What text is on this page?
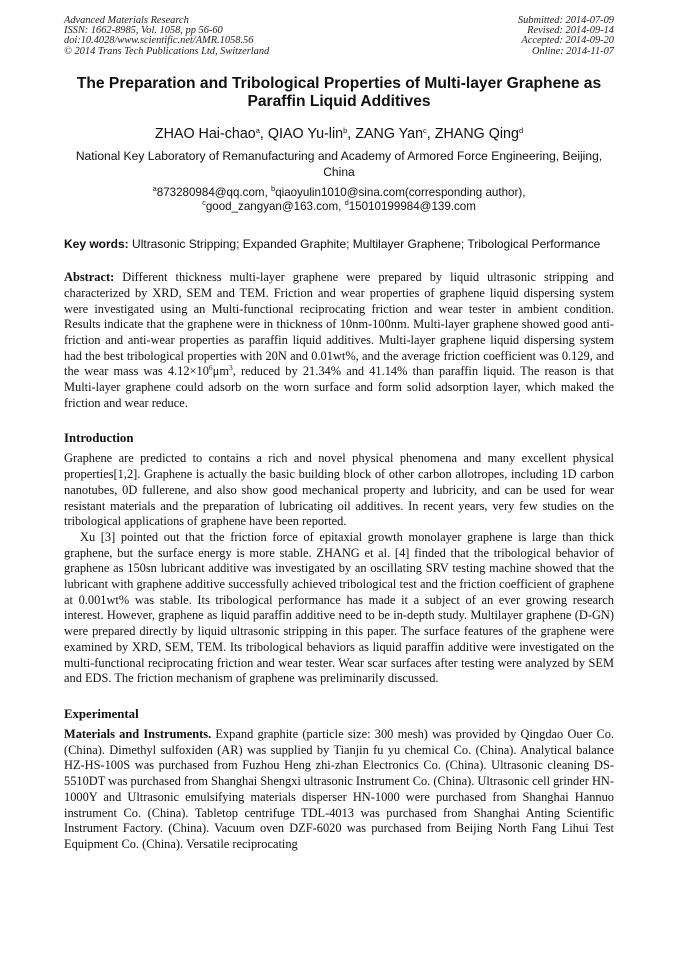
Advanced Materials Research
ISSN: 1662-8985, Vol. 1058, pp 56-60
doi:10.4028/www.scientific.net/AMR.1058.56
© 2014 Trans Tech Publications Ltd, Switzerland
Submitted: 2014-07-09
Revised: 2014-09-14
Accepted: 2014-09-20
Online: 2014-11-07
The Preparation and Tribological Properties of Multi-layer Graphene as Paraffin Liquid Additives
ZHAO Hai-chao$^a$, QIAO Yu-lin$^b$, ZANG Yan$^c$, ZHANG Qing$^d$
National Key Laboratory of Remanufacturing and Academy of Armored Force Engineering, Beijing, China
$^a$873280984@qq.com, $^b$qiaoyulin1010@sina.com(corresponding author),
$^c$good_zangyan@163.com, $^d$15010199984@139.com
Key words: Ultrasonic Stripping; Expanded Graphite; Multilayer Graphene; Tribological Performance
Abstract: Different thickness multi-layer graphene were prepared by liquid ultrasonic stripping and characterized by XRD, SEM and TEM. Friction and wear properties of graphene liquid dispersing system were investigated using an Multi-functional reciprocating friction and wear tester in ambient condition. Results indicate that the graphene were in thickness of 10nm-100nm. Multi-layer graphene showed good anti-friction and anti-wear properties as paraffin liquid additives. Multi-layer graphene liquid dispersing system had the best tribological properties with 20N and 0.01wt%, and the average friction coefficient was 0.129, and the wear mass was $4.12\times 10^6\mu m^3$, reduced by 21.34% and 41.14% than paraffin liquid. The reason is that Multi-layer graphene could adsorb on the worn surface and form solid adsorption layer, which maked the friction and wear reduce.
Introduction
Graphene are predicted to contains a rich and novel physical phenomena and many excellent physical properties[1,2]. Graphene is actually the basic building block of other carbon allotropes, including 1D carbon nanotubes, 0D fullerene, and also show good mechanical property and lubricity, and can be used for wear resistant materials and the preparation of lubricating oil additives. In recent years, very few studies on the tribological applications of graphene have been reported.
Xu [3] pointed out that the friction force of epitaxial growth monolayer graphene is large than thick graphene, but the surface energy is more stable. ZHANG et al. [4] finded that the tribological behavior of graphene as 150sn lubricant additive was investigated by an oscillating SRV testing machine showed that the lubricant with graphene additive successfully achieved tribological test and the friction coefficient of graphene at 0.001wt% was stable. Its tribological performance has made it a subject of an ever growing research interest. However, graphene as liquid paraffin additive need to be in-depth study. Multilayer graphene (D-GN) were prepared directly by liquid ultrasonic stripping in this paper. The surface features of the graphene were examined by XRD, SEM, TEM. Its tribological behaviors as liquid paraffin additive were investigated on the multi-functional reciprocating friction and wear tester. Wear scar surfaces after testing were analyzed by SEM and EDS. The friction mechanism of graphene was preliminarily discussed.
Experimental
Materials and Instruments. Expand graphite (particle size: 300 mesh) was provided by Qingdao Ouer Co. (China). Dimethyl sulfoxiden (AR) was supplied by Tianjin fu yu chemical Co. (China). Analytical balance HZ-HS-100S was purchased from Fuzhou Heng zhi-zhan Electronics Co. (China). Ultrasonic cleaning DS-5510DT was purchased from Shanghai Shengxi ultrasonic Instrument Co. (China). Ultrasonic cell grinder HN-1000Y and Ultrasonic emulsifying materials disperser HN-1000 were purchased from Shanghai Hannuo instrument Co. (China). Tabletop centrifuge TDL-4013 was purchased from Shanghai Anting Scientific Instrument Factory. (China). Vacuum oven DZF-6020 was purchased from Beijing North Fang Lihui Test Equipment Co. (China). Versatile reciprocating
